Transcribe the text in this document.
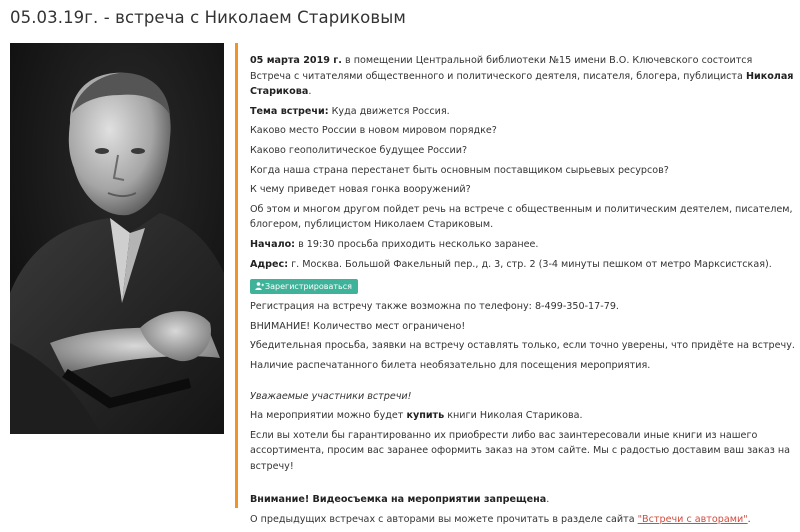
05.03.19г. - встреча с Николаем Стариковым

05 марта 2019 г. в помещении Центральной библиотеки №15 имени В.О. Ключевского состоится Встреча с читателями общественного и политического деятеля, писателя, блогера, публициста Николая Старикова.

Тема встречи: Куда движется Россия.

Каково место России в новом мировом порядке?

Каково геополитическое будущее России?

Когда наша страна перестанет быть основным поставщиком сырьевых ресурсов?

К чему приведет новая гонка вооружений?

Об этом и многом другом пойдет речь на встрече с общественным и политическим деятелем, писателем, блогером, публицистом Николаем Стариковым.

Начало: в 19:30 просьба приходить несколько заранее.

Адрес: г. Москва. Большой Факельный пер., д. 3, стр. 2 (3-4 минуты пешком от метро Марксистская).

Зарегистрироваться

Регистрация на встречу также возможна по телефону: 8-499-350-17-79.

ВНИМАНИЕ! Количество мест ограничено!

Убедительная просьба, заявки на встречу оставлять только, если точно уверены, что придёте на встречу.

Наличие распечатанного билета необязательно для посещения мероприятия.

Уважаемые участники встречи!

На мероприятии можно будет купить книги Николая Старикова.

Если вы хотели бы гарантированно их приобрести либо вас заинтересовали иные книги из нашего ассортимента, просим вас заранее оформить заказ на этом сайте. Мы с радостью доставим ваш заказ на встречу!

Внимание! Видеосъемка на мероприятии запрещена.

О предыдущих встречах с авторами вы можете прочитать в разделе сайта "Встречи с авторами".
